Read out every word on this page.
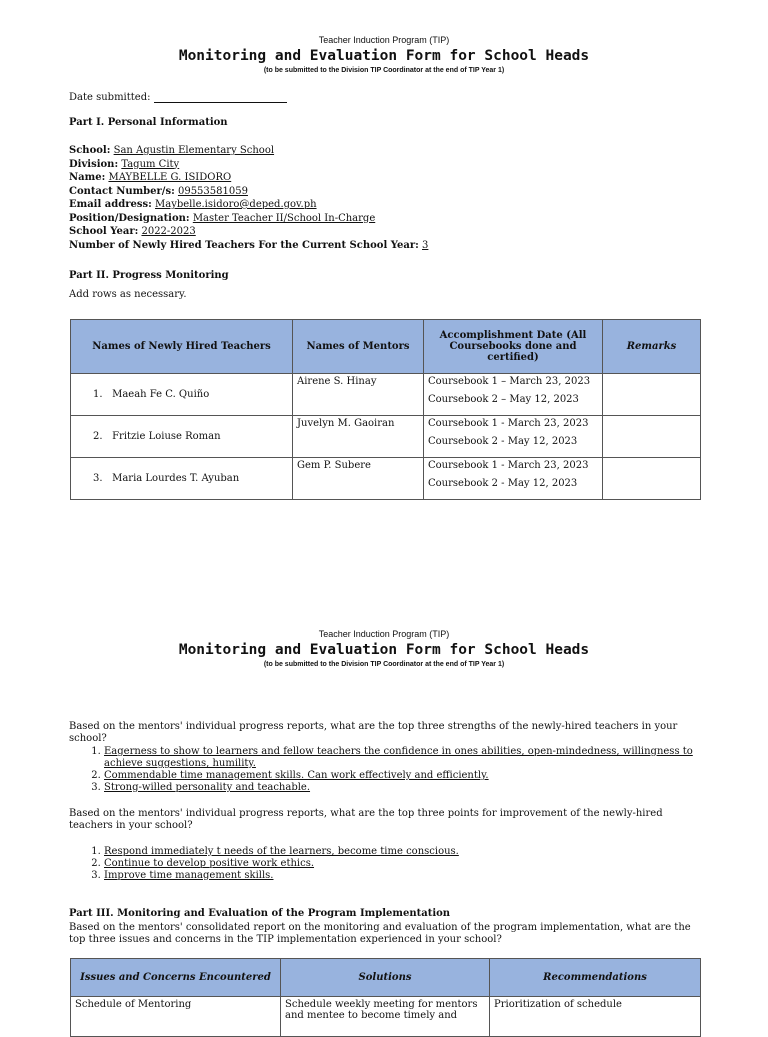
Teacher Induction Program (TIP)
Monitoring and Evaluation Form for School Heads
(to be submitted to the Division TIP Coordinator at the end of TIP Year 1)
Date submitted:
Part I. Personal Information
School: San Agustin Elementary School
Division: Tagum City
Name: MAYBELLE G. ISIDORO
Contact Number/s: 09553581059
Email address: Maybelle.isidoro@deped.gov.ph
Position/Designation: Master Teacher II/School In-Charge
School Year: 2022-2023
Number of Newly Hired Teachers For the Current School Year: 3
Part II. Progress Monitoring
Add rows as necessary.
Names of Newly Hired Teachers	Names of Mentors	Accomplishment Date (All Coursebooks done and certified)	Remarks
1. Maeah Fe C. Quiño	Airene S. Hinay	Coursebook 1 – March 23, 2023
Coursebook 2 – May 12, 2023	

2. Fritzie Loiuse Roman	Juvelyn M. Gaoiran	Coursebook 1 - March 23, 2023
Coursebook 2 - May 12, 2023	

3. Maria Lourdes T. Ayuban	Gem P. Subere	Coursebook 1 - March 23, 2023
Coursebook 2 - May 12, 2023	

Teacher Induction Program (TIP)
Monitoring and Evaluation Form for School Heads
(to be submitted to the Division TIP Coordinator at the end of TIP Year 1)
Based on the mentors' individual progress reports, what are the top three strengths of the newly-hired teachers in your school?
1. Eagerness to show to learners and fellow teachers the confidence in ones abilities, open-mindedness, willingness to achieve suggestions, humility.
2. Commendable time management skills. Can work effectively and efficiently.
3. Strong-willed personality and teachable.
Based on the mentors' individual progress reports, what are the top three points for improvement of the newly-hired teachers in your school?
1. Respond immediately t needs of the learners, become time conscious.
2. Continue to develop positive work ethics.
3. Improve time management skills.
Part III. Monitoring and Evaluation of the Program Implementation
Based on the mentors' consolidated report on the monitoring and evaluation of the program implementation, what are the top three issues and concerns in the TIP implementation experienced in your school?
Issues and Concerns Encountered	Solutions	Recommendations
Schedule of Mentoring	Schedule weekly meeting for mentors and mentee to become timely and	Prioritization of schedule
